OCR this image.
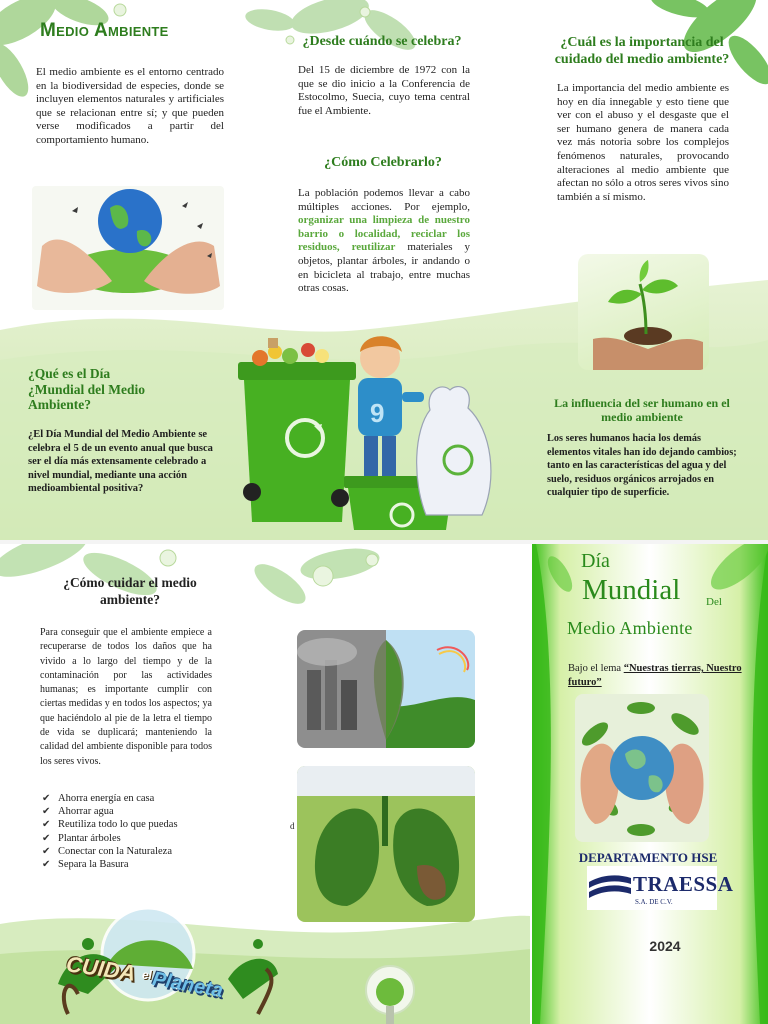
Medio Ambiente
El medio ambiente es el entorno centrado en la biodiversidad de especies, donde se incluyen elementos naturales y artificiales que se relacionan entre sí; y que pueden verse modificados a partir del comportamiento humano.
¿Desde cuándo se celebra?
Del 15 de diciembre de 1972 con la que se dio inicio a la Conferencia de Estocolmo, Suecia, cuyo tema central fue el Ambiente.
¿Cómo Celebrarlo?
La población podemos llevar a cabo múltiples acciones. Por ejemplo, organizar una limpieza de nuestro barrio o localidad, reciclar los residuos, reutilizar materiales y objetos, plantar árboles, ir andando o en bicicleta al trabajo, entre muchas otras cosas.
¿Cuál es la importancia del cuidado del medio ambiente?
La importancia del medio ambiente es hoy en día innegable y esto tiene que ver con el abuso y el desgaste que el ser humano genera de manera cada vez más notoria sobre los complejos fenómenos naturales, provocando alteraciones al medio ambiente que afectan no sólo a otros seres vivos sino también a sí mismo.
¿Qué es el Día ¿Mundial del Medio Ambiente?
¿El Día Mundial del Medio Ambiente se celebra el 5 de un evento anual que busca ser el día más extensamente celebrado a nivel mundial, mediante una acción medioambiental positiva?
9	La influencia del ser humano en el medio ambiente
Los seres humanos hacia los demás elementos vitales han ido dejando cambios; tanto en las características del agua y del suelo, residuos orgánicos arrojados en cualquier tipo de superficie.
¿Cómo cuidar el medio ambiente?
Para conseguir que el ambiente empiece a recuperarse de todos los daños que ha vivido a lo largo del tiempo y de la contaminación por las actividades humanas; es importante cumplir con ciertas medidas y en todos los aspectos; ya que haciéndolo al pie de la letra el tiempo de vida se duplicará; manteniendo la calidad del ambiente disponible para todos los seres vivos.
✔ Ahorra energía en casa
✔ Ahorrar agua
✔ Reutiliza todo lo que puedas
✔ Plantar árboles
✔ Conectar con la Naturaleza
✔ Separa la Basura
CUIDA el
Planeta
d
Día
Mundial Del
Medio Ambiente
Bajo el lema “Nuestras tierras, Nuestro futuro”
DEPARTAMENTO HSE
TRAESSA
S.A. DE C.V.
2024
